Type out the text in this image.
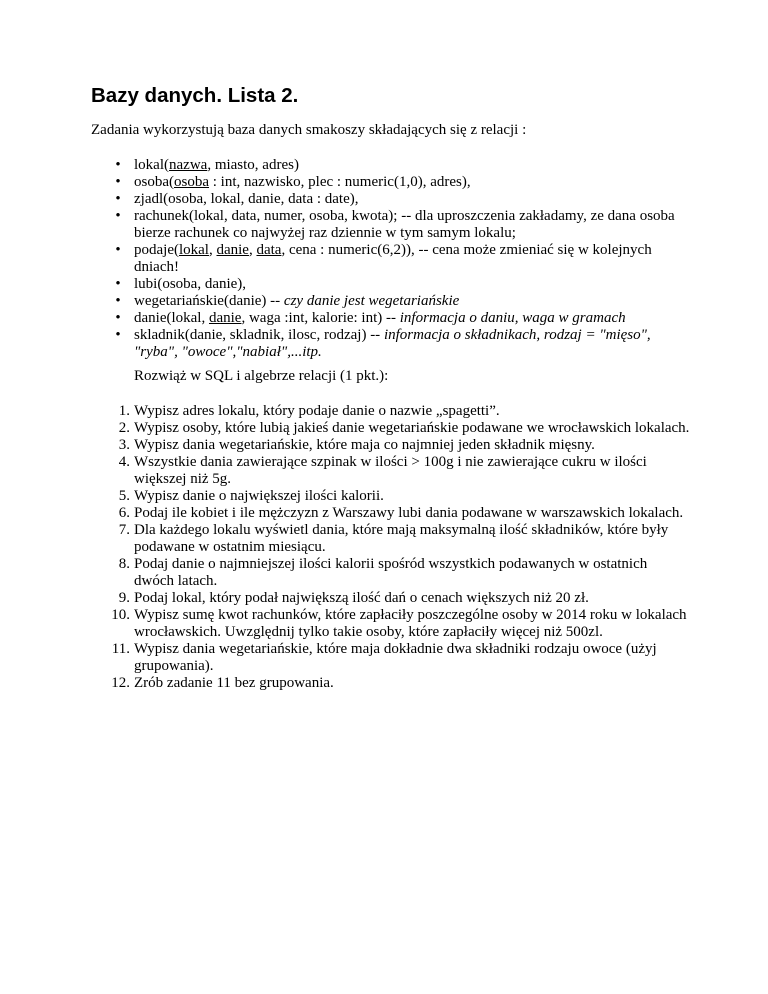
Bazy danych. Lista 2.

Zadania wykorzystują baza danych smakoszy składających się z relacji :

• lokal(nazwa, miasto, adres)
• osoba(osoba : int, nazwisko, plec : numeric(1,0), adres),
• zjadl(osoba, lokal, danie, data : date),
• rachunek(lokal, data, numer, osoba, kwota); -- dla uproszczenia zakładamy, ze dana osoba bierze rachunek co najwyżej raz dziennie w tym samym lokalu;
• podaje(lokal, danie, data, cena : numeric(6,2)), -- cena może zmieniać się w kolejnych dniach!
• lubi(osoba, danie),
• wegetariańskie(danie) -- czy danie jest wegetariańskie
• danie(lokal, danie, waga :int, kalorie: int) -- informacja o daniu, waga w gramach
• skladnik(danie, skladnik, ilosc, rodzaj) -- informacja o składnikach, rodzaj = "mięso", "ryba", "owoce","nabiał",...itp.

Rozwiąż w SQL i algebrze relacji (1 pkt.):

1. Wypisz adres lokalu, który podaje danie o nazwie „spagetti”.
2. Wypisz osoby, które lubią jakieś danie wegetariańskie podawane we wrocławskich lokalach.
3. Wypisz dania wegetariańskie, które maja co najmniej jeden składnik mięsny.
4. Wszystkie dania zawierające szpinak w ilości > 100g i nie zawierające cukru w ilości większej niż 5g.
5. Wypisz danie o największej ilości kalorii.
6. Podaj ile kobiet i ile mężczyzn z Warszawy lubi dania podawane w warszawskich lokalach.
7. Dla każdego lokalu wyświetl dania, które mają maksymalną ilość składników, które były podawane w ostatnim miesiącu.
8. Podaj danie o najmniejszej ilości kalorii spośród wszystkich podawanych w ostatnich dwóch latach.
9. Podaj lokal, który podał największą ilość dań o cenach większych niż 20 zł.
10. Wypisz sumę kwot rachunków, które zapłaciły poszczególne osoby w 2014 roku w lokalach wrocławskich. Uwzględnij tylko takie osoby, które zapłaciły więcej niż 500zl.
11. Wypisz dania wegetariańskie, które maja dokładnie dwa składniki rodzaju owoce (użyj grupowania).
12. Zrób zadanie 11 bez grupowania.
